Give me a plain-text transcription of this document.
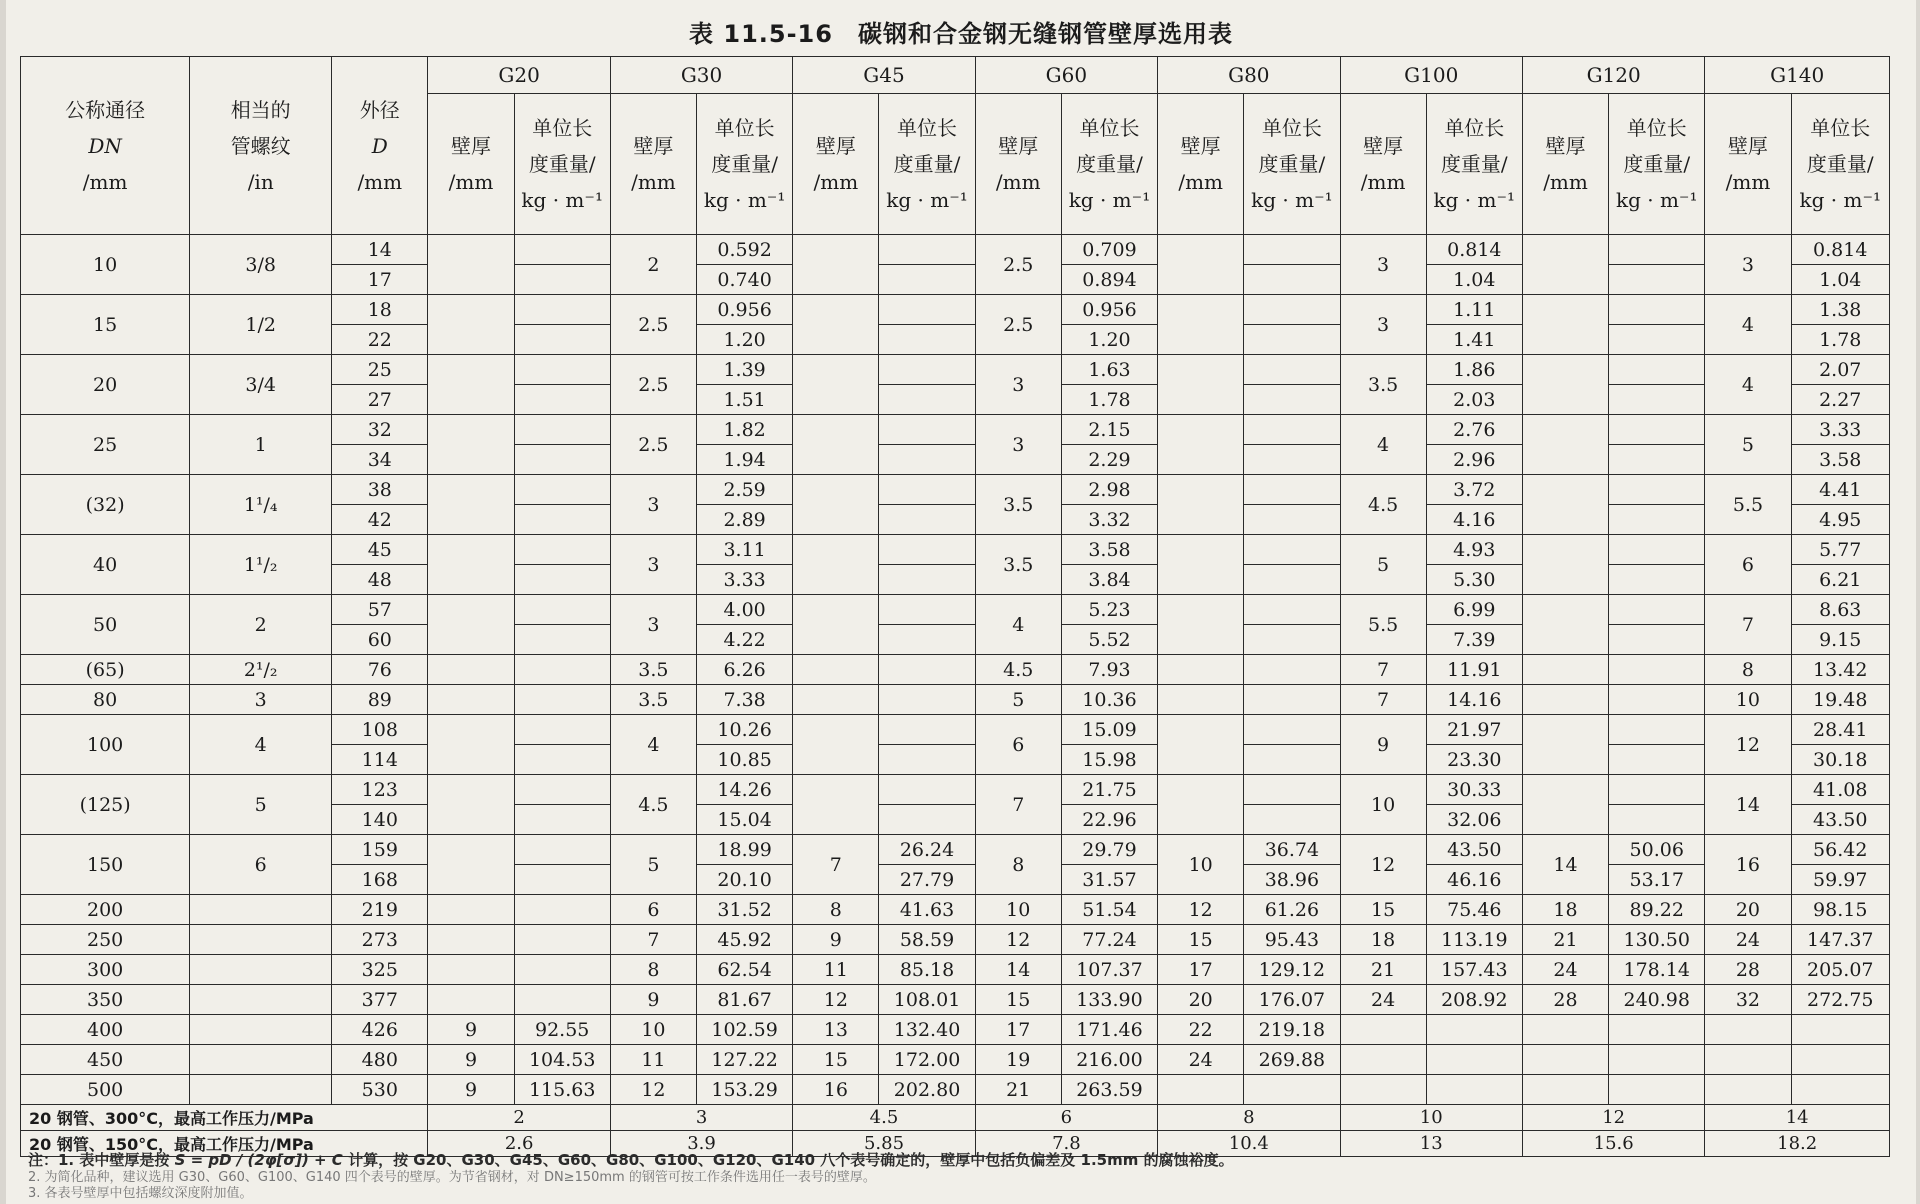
表 11.5-16　碳钢和合金钢无缝钢管壁厚选用表
公称通径
DN
/mm	相当的
管螺纹
/in	外径
D
/mm	G20		G30		G45		G60		G80		G100		G120		G140	
			壁厚
/mm	单位长
度重量/
kg · m⁻¹	壁厚
/mm	单位长
度重量/
kg · m⁻¹	壁厚
/mm	单位长
度重量/
kg · m⁻¹	壁厚
/mm	单位长
度重量/
kg · m⁻¹	壁厚
/mm	单位长
度重量/
kg · m⁻¹	壁厚
/mm	单位长
度重量/
kg · m⁻¹	壁厚
/mm	单位长
度重量/
kg · m⁻¹	壁厚
/mm	单位长
度重量/
kg · m⁻¹
10	3/8	14			2	0.592			2.5	0.709			3	0.814			3	0.814
		17				0.740				0.894				1.04				1.04
15	1/2	18			2.5	0.956			2.5	0.956			3	1.11			4	1.38
		22				1.20				1.20				1.41				1.78
20	3/4	25			2.5	1.39			3	1.63			3.5	1.86			4	2.07
		27				1.51				1.78				2.03				2.27
25	1	32			2.5	1.82			3	2.15			4	2.76			5	3.33
		34				1.94				2.29				2.96				3.58
(32)	1¹/₄	38			3	2.59			3.5	2.98			4.5	3.72			5.5	4.41
		42				2.89				3.32				4.16				4.95
40	1¹/₂	45			3	3.11			3.5	3.58			5	4.93			6	5.77
		48				3.33				3.84				5.30				6.21
50	2	57			3	4.00			4	5.23			5.5	6.99			7	8.63
		60				4.22				5.52				7.39				9.15
(65)	2¹/₂	76			3.5	6.26			4.5	7.93			7	11.91			8	13.42
80	3	89			3.5	7.38			5	10.36			7	14.16			10	19.48
100	4	108			4	10.26			6	15.09			9	21.97			12	28.41
		114				10.85				15.98				23.30				30.18
(125)	5	123			4.5	14.26			7	21.75			10	30.33			14	41.08
		140				15.04				22.96				32.06				43.50
150	6	159			5	18.99	7	26.24	8	29.79	10	36.74	12	43.50	14	50.06	16	56.42
		168				20.10		27.79		31.57		38.96		46.16		53.17		59.97
200		219			6	31.52	8	41.63	10	51.54	12	61.26	15	75.46	18	89.22	20	98.15
250		273			7	45.92	9	58.59	12	77.24	15	95.43	18	113.19	21	130.50	24	147.37
300		325			8	62.54	11	85.18	14	107.37	17	129.12	21	157.43	24	178.14	28	205.07
350		377			9	81.67	12	108.01	15	133.90	20	176.07	24	208.92	28	240.98	32	272.75
400		426	9	92.55	10	102.59	13	132.40	17	171.46	22	219.18						
450		480	9	104.53	11	127.22	15	172.00	19	216.00	24	269.88						
500		530	9	115.63	12	153.29	16	202.80	21	263.59								
20 钢管、300°C，最高工作压力/MPa			2		3		4.5		6		8		10		12		14	
20 钢管、150°C，最高工作压力/MPa			2.6		3.9		5.85		7.8		10.4		13		15.6		18.2	
注：1. 表中壁厚是按 S = pD / (2φ[σ]) + C 计算，按 G20、G30、G45、G60、G80、G100、G120、G140 八个表号确定的，壁厚中包括负偏差及 1.5mm 的腐蚀裕度。
2. 为简化品种，建议选用 G30、G60、G100、G140 四个表号的壁厚。为节省钢材，对 DN≥150mm 的钢管可按工作条件选用任一表号的壁厚。
3. 各表号壁厚中包括螺纹深度附加值。
